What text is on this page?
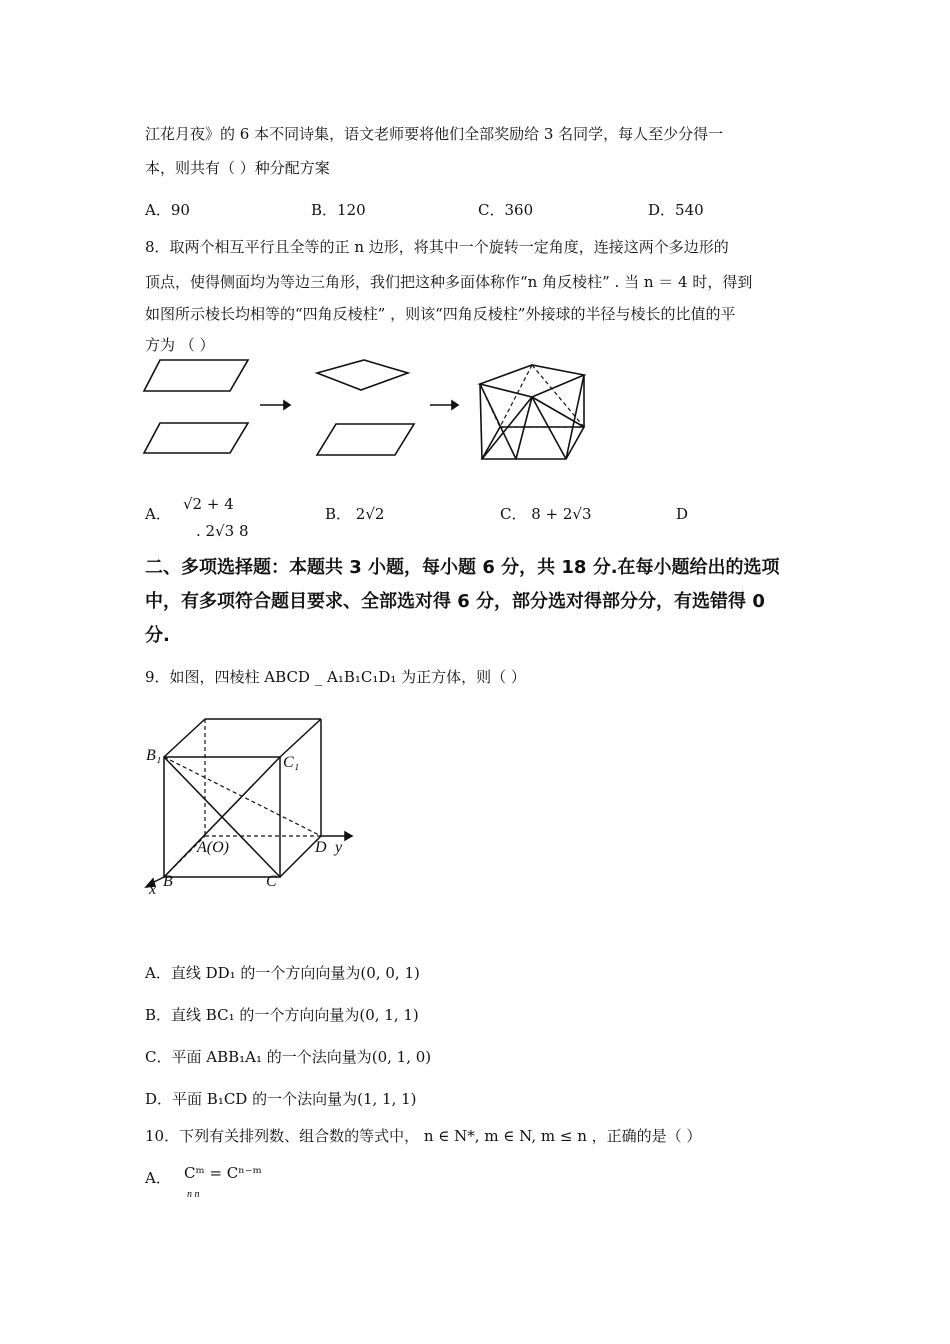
江花月夜》的 6 本不同诗集，语文老师要将他们全部奖励给 3 名同学，每人至少分得一
本，则共有（ ）种分配方案
A．90	B．120	C．360	D．540
8．取两个相互平行且全等的正 n 边形，将其中一个旋转一定角度，连接这两个多边形的
顶点，使得侧面均为等边三角形，我们把这种多面体称作“n 角反棱柱” . 当 n ＝ 4 时，得到
如图所示棱长均相等的“四角反棱柱” ，则该“四角反棱柱”外接球的半径与棱长的比值的平
方为 （ ）
A．
√2 + 4
. 2√3 8
B． 2√2	C． 8 + 2√3	D
二、多项选择题：本题共 3 小题，每小题 6 分，共 18 分.在每小题给出的选项
中，有多项符合题目要求、全部选对得 6 分，部分选对得部分分，有选错得 0
分.
9．如图，四棱柱 ABCD _ A₁B₁C₁D₁ 为正方体，则（ ）
B₁	C₁
A(O)	D y
B	C
x
A．直线 DD₁ 的一个方向向量为(0, 0, 1)
B．直线 BC₁ 的一个方向向量为(0, 1, 1)
C．平面 ABB₁A₁ 的一个法向量为(0, 1, 0)
D．平面 B₁CD 的一个法向量为(1, 1, 1)
10．下列有关排列数、组合数的等式中， n ∈ N*, m ∈ N, m ≤ n ，正确的是（ ）
A． Cᵐ = Cⁿ⁻ᵐ
n n
